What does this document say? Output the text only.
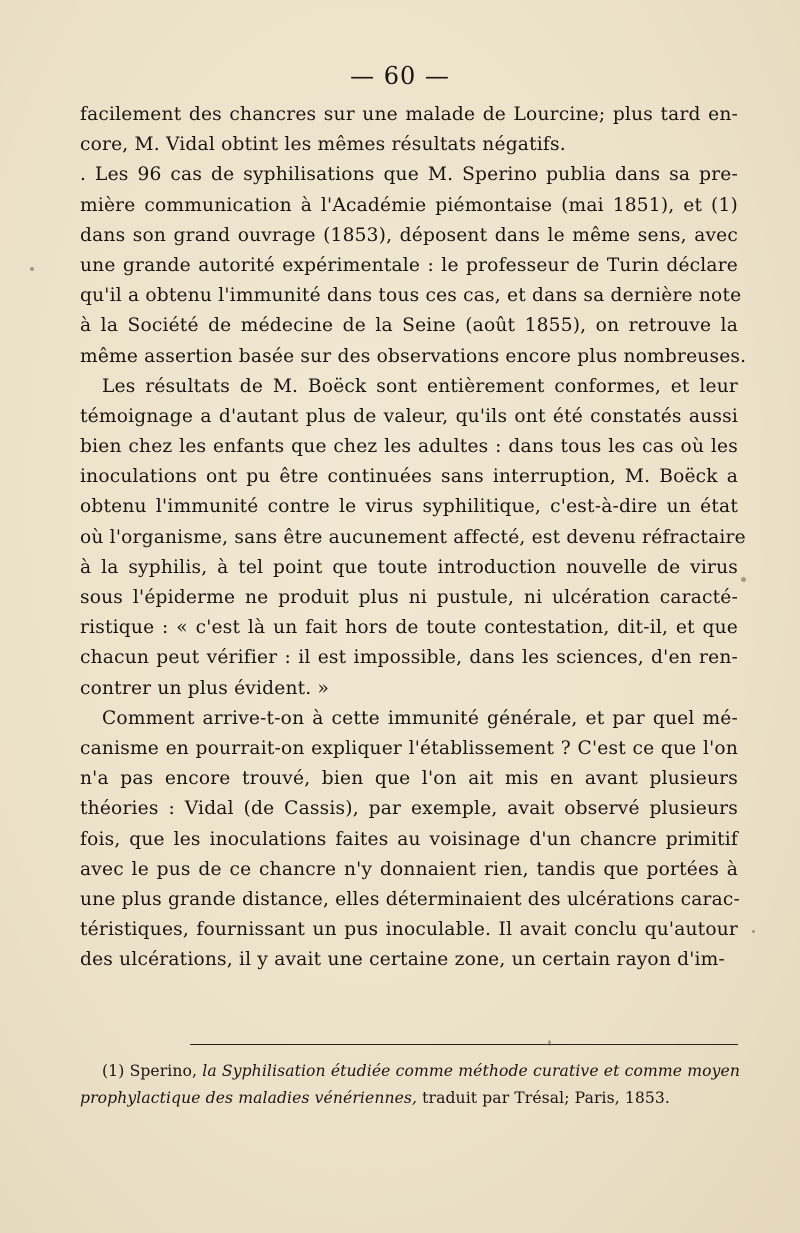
— 60 —
facilement des chancres sur une malade de Lourcine; plus tard en-
core, M. Vidal obtint les mêmes résultats négatifs.
. Les 96 cas de syphilisations que M. Sperino publia dans sa pre-
mière communication à l'Académie piémontaise (mai 1851), et (1)
dans son grand ouvrage (1853), déposent dans le même sens, avec
une grande autorité expérimentale : le professeur de Turin déclare
qu'il a obtenu l'immunité dans tous ces cas, et dans sa dernière note
à la Société de médecine de la Seine (août 1855), on retrouve la
même assertion basée sur des observations encore plus nombreuses.
Les résultats de M. Boëck sont entièrement conformes, et leur
témoignage a d'autant plus de valeur, qu'ils ont été constatés aussi
bien chez les enfants que chez les adultes : dans tous les cas où les
inoculations ont pu être continuées sans interruption, M. Boëck a
obtenu l'immunité contre le virus syphilitique, c'est-à-dire un état
où l'organisme, sans être aucunement affecté, est devenu réfractaire
à la syphilis, à tel point que toute introduction nouvelle de virus
sous l'épiderme ne produit plus ni pustule, ni ulcération caracté-
ristique : « c'est là un fait hors de toute contestation, dit-il, et que
chacun peut vérifier : il est impossible, dans les sciences, d'en ren-
contrer un plus évident. »
Comment arrive-t-on à cette immunité générale, et par quel mé-
canisme en pourrait-on expliquer l'établissement ? C'est ce que l'on
n'a pas encore trouvé, bien que l'on ait mis en avant plusieurs
théories : Vidal (de Cassis), par exemple, avait observé plusieurs
fois, que les inoculations faites au voisinage d'un chancre primitif
avec le pus de ce chancre n'y donnaient rien, tandis que portées à
une plus grande distance, elles déterminaient des ulcérations carac-
téristiques, fournissant un pus inoculable. Il avait conclu qu'autour
des ulcérations, il y avait une certaine zone, un certain rayon d'im-
(1) Sperino, la Syphilisation étudiée comme méthode curative et comme moyen
prophylactique des maladies vénériennes, traduit par Trésal; Paris, 1853.
